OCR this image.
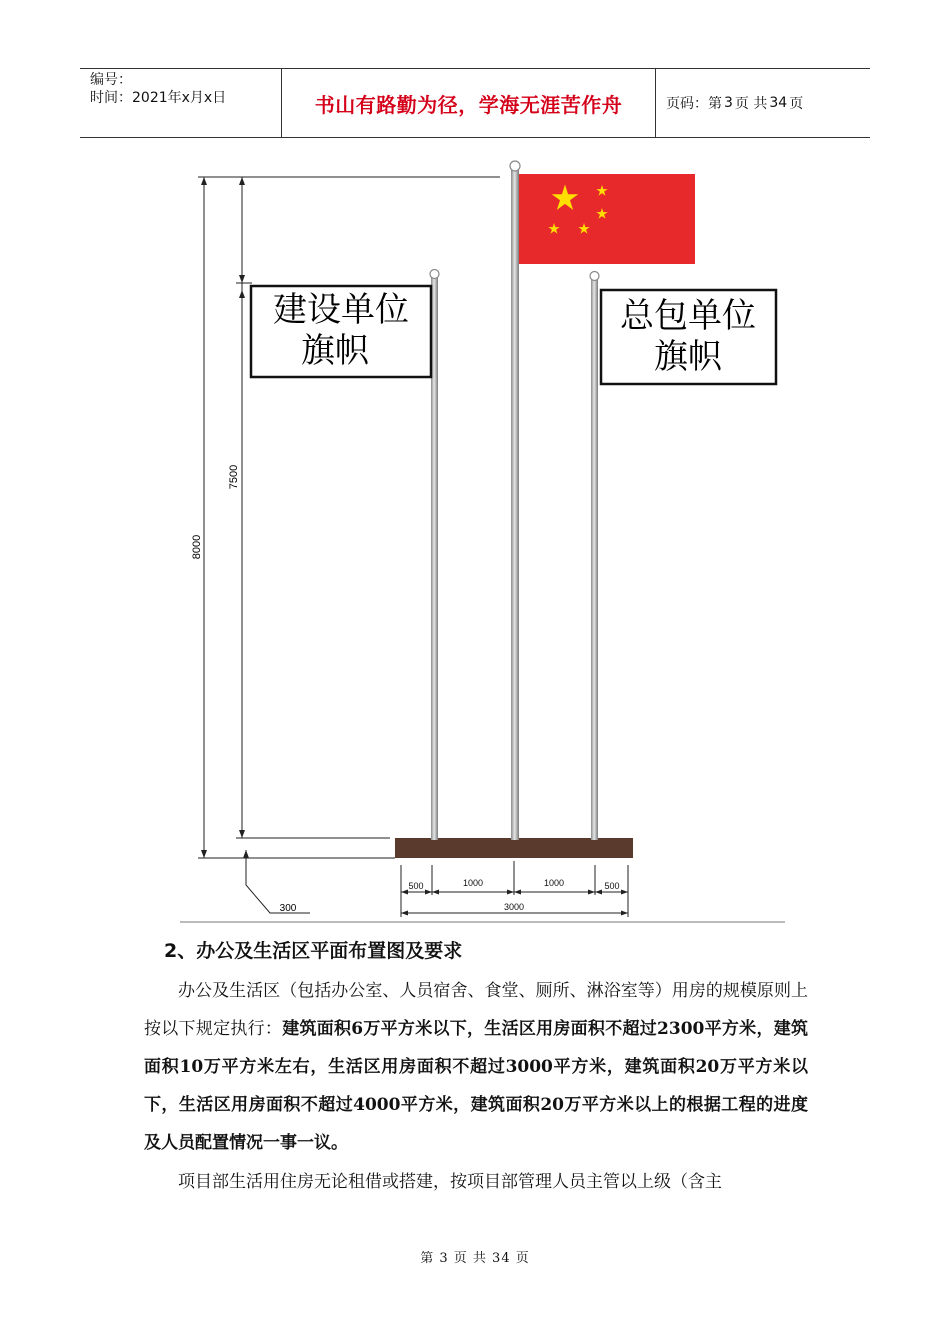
编号：
时间：2021年x月x日	书山有路勤为径，学海无涯苦作舟	页码：第 3 页 共 34 页
8000
7500
300
建设单位
旗帜
总包单位
旗帜
500	1000	1000	500
3000
2、办公及生活区平面布置图及要求
办公及生活区（包括办公室、人员宿舍、食堂、厕所、淋浴室等）用房的规模原则上按以下规定执行：建筑面积6万平方米以下，生活区用房面积不超过2300平方米，建筑面积10万平方米左右，生活区用房面积不超过3000平方米，建筑面积20万平方米以下，生活区用房面积不超过4000平方米，建筑面积20万平方米以上的根据工程的进度及人员配置情况一事一议。
项目部生活用住房无论租借或搭建，按项目部管理人员主管以上级（含主
第 3 页 共 34 页
